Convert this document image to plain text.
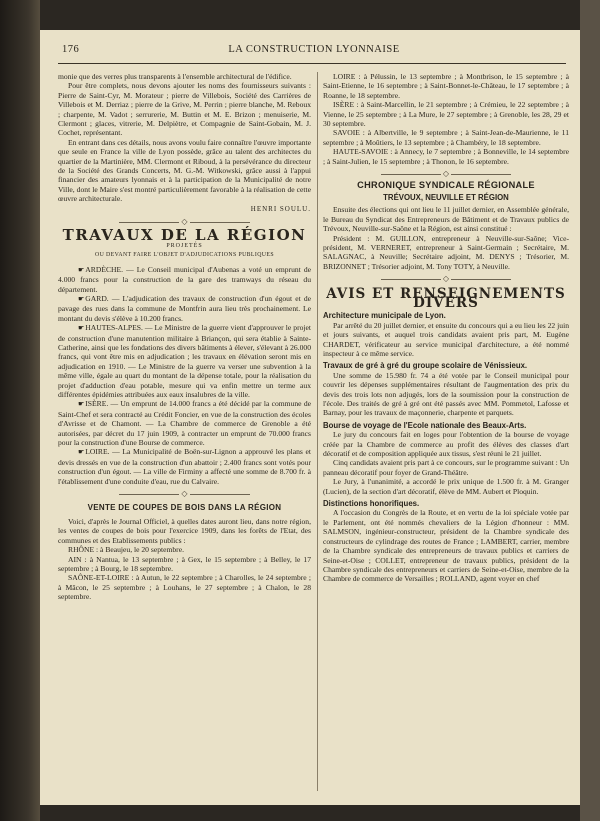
176	LA CONSTRUCTION LYONNAISE

monie que des verres plus transparents à l'ensemble architectural de l'édifice.

Pour être complets, nous devons ajouter les noms des fournisseurs suivants : Pierre de Saint-Cyr, M. Morateur ; pierre de Villebois, Société des Carrières de Villebois et M. Derriaz ; pierre de la Grive, M. Perrin ; pierre blanche, M. Reboux ; charpente, M. Vadot ; serrurerie, M. Buttin et M. E. Brizon ; menuiserie, M. Clermont ; glaces, vitrerie, M. Delpiètre, et Compagnie de Saint-Gobain, M. J. Cochet, représentant.

En entrant dans ces détails, nous avons voulu faire connaître l'œuvre importante que seule en France la ville de Lyon possède, grâce au talent des architectes du quartier de la Martinière, MM. Clermont et Riboud, à la persévérance du directeur de la Société des Grands Concerts, M. G.-M. Witkowski, grâce aussi à l'appui financier des amateurs lyonnais et à la participation de la Municipalité de notre Ville, dont le Maire s'est montré particulièrement favorable à la réalisation de cette œuvre architecturale.

HENRI SOULU.
◇
TRAVAUX DE LA RÉGION
PROJETÉS
OU DEVANT FAIRE L'OBJET D'ADJUDICATIONS PUBLIQUES

☛ ARDÈCHE. — Le Conseil municipal d'Aubenas a voté un emprunt de 4.000 francs pour la construction de la gare des tramways du réseau du département.

☛ GARD. — L'adjudication des travaux de construction d'un égout et de pavage des rues dans la commune de Montfrin aura lieu très prochainement. Le montant du devis s'élève à 10.200 francs.

☛ HAUTES-ALPES. — Le Ministre de la guerre vient d'approuver le projet de construction d'une manutention militaire à Briançon, qui sera établie à Sainte-Catherine, ainsi que les fondations des divers bâtiments à élever, s'élevant à 26.000 francs, qui vont être mis en adjudication ; les travaux en élévation seront mis en adjudication en 1910. — Le Ministre de la guerre va verser une subvention à la même ville, égale au quart du montant de la dépense totale, pour la réalisation du projet d'adduction d'eau potable, mesure qui va enfin mettre un terme aux différentes épidémies attribuées aux eaux insalubres de la ville.

☛ ISÈRE. — Un emprunt de 14.000 francs a été décidé par la commune de Saint-Chef et sera contracté au Crédit Foncier, en vue de la construction des écoles d'Avrisse et de Chamont. — La Chambre de commerce de Grenoble a été autorisées, par décret du 17 juin 1909, à contracter un emprunt de 70.000 francs pour la construction d'une Bourse de commerce.

☛ LOIRE. — La Municipalité de Boën-sur-Lignon a approuvé les plans et devis dressés en vue de la construction d'un abattoir ; 2.400 francs sont votés pour construction d'un égout. — La ville de Firminy a affecté une somme de 8.700 fr. à l'établissement d'une conduite d'eau, rue du Calvaire.

◇
VENTE DE COUPES DE BOIS DANS LA RÉGION

Voici, d'après le Journal Officiel, à quelles dates auront lieu, dans notre région, les ventes de coupes de bois pour l'exercice 1909, dans les forêts de l'Etat, des communes et des Etablissements publics :

RHÔNE : à Beaujeu, le 20 septembre.

AIN : à Nantua, le 13 septembre ; à Gex, le 15 septembre ; à Belley, le 17 septembre ; à Bourg, le 18 septembre.

SAÔNE-ET-LOIRE : à Autun, le 22 septembre ; à Charolles, le 24 septembre ; à Mâcon, le 25 septembre ; à Louhans, le 27 septembre ; à Chalon, le 28 septembre.

LOIRE : à Pélussin, le 13 septembre ; à Montbrison, le 15 septembre ; à Saint-Etienne, le 16 septembre ; à Saint-Bonnet-le-Château, le 17 septembre ; à Roanne, le 18 septembre.

ISÈRE : à Saint-Marcellin, le 21 septembre ; à Crémieu, le 22 septembre ; à Vienne, le 25 septembre ; à La Mure, le 27 septembre ; à Grenoble, les 28, 29 et 30 septembre.

SAVOIE : à Albertville, le 9 septembre ; à Saint-Jean-de-Maurienne, le 11 septembre ; à Moûtiers, le 13 septembre ; à Chambéry, le 18 septembre.

HAUTE-SAVOIE : à Annecy, le 7 septembre ; à Bonneville, le 14 septembre ; à Saint-Julien, le 15 septembre ; à Thonon, le 16 septembre.

◇
CHRONIQUE SYNDICALE RÉGIONALE
TRÉVOUX, NEUVILLE ET RÉGION

Ensuite des élections qui ont lieu le 11 juillet dernier, en Assemblée générale, le Bureau du Syndicat des Entrepreneurs de Bâtiment et de Travaux publics de Trévoux, Neuville-sur-Saône et la Région, est ainsi constitué :

Président : M. GUILLON, entrepreneur à Neuville-sur-Saône; Vice-président, M. VERNERET, entrepreneur à Saint-Germain ; Secrétaire, M. SALAGNAC, à Neuville; Secrétaire adjoint, M. DENYS ; Trésorier, M. BRIZONNET ; Trésorier adjoint, M. Tony TOTY, à Neuville.

◇
AVIS ET RENSEIGNEMENTS DIVERS
Architecture municipale de Lyon.

Par arrêté du 20 juillet dernier, et ensuite du concours qui a eu lieu les 22 juin et jours suivants, et auquel trois candidats avaient pris part, M. Eugène CHARDET, vérificateur au service municipal d'architecture, a été nommé inspecteur à ce même service.

Travaux de gré à gré du groupe scolaire de Vénissieux.

Une somme de 15.980 fr. 74 a été votée par le Conseil municipal pour couvrir les dépenses supplémentaires résultant de l'augmentation des prix du devis des trois lots non adjugés, lors de la soumission pour la construction de l'école. Des traités de gré à gré ont été passés avec MM. Pommetol, Lafosse et Barnay, pour les travaux de maçonnerie, charpente et parquets.

Bourse de voyage de l'Ecole nationale des Beaux-Arts.

Le jury du concours fait en loges pour l'obtention de la bourse de voyage créée par la Chambre de commerce au profit des élèves des classes d'art décoratif et de composition appliquée aux tissus, s'est réuni le 21 juillet.

Cinq candidats avaient pris part à ce concours, sur le programme suivant : Un panneau décoratif pour foyer de Grand-Théâtre.

Le Jury, à l'unanimité, a accordé le prix unique de 1.500 fr. à M. Granger (Lucien), de la section d'art décoratif, élève de MM. Aubert et Ploquin.

Distinctions honorifiques.

A l'occasion du Congrès de la Route, et en vertu de la loi spéciale votée par le Parlement, ont été nommés chevaliers de la Légion d'honneur : MM. SALMSON, ingénieur-constructeur, président de la Chambre syndicale des constructeurs de cylindrage des routes de France ; LAMBERT, carrier, membre de la Chambre syndicale des entrepreneurs de travaux publics et carriers de Seine-et-Oise ; COLLET, entrepreneur de travaux publics, président de la Chambre syndicale des entrepreneurs et carriers de Seine-et-Oise, membre de la Chambre de commerce de Versailles ; ROLLAND, agent voyer en chef
